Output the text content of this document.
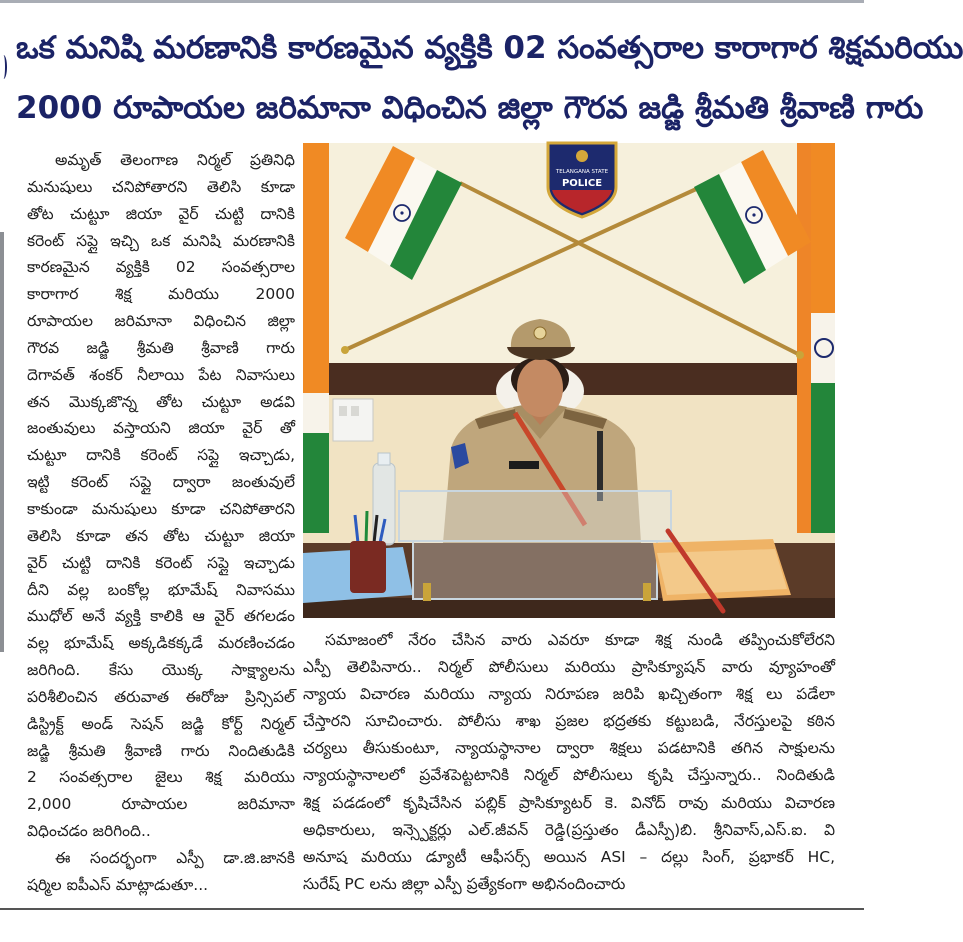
ఒక మనిషి మరణానికి కారణమైన వ్యక్తికి 02 సంవత్సరాల కారాగార శిక్షమరియు
2000 రూపాయల జరిమానా విధించిన జిల్లా గౌరవ జడ్జి శ్రీమతి శ్రీవాణి గారు
అమృత్ తెలంగాణ నిర్మల్ ప్రతినిధి
మనుషులు చనిపోతారని తెలిసి కూడా
తోట చుట్టూ జియా వైర్ చుట్టి దానికి
కరెంట్ సప్లై ఇచ్చి ఒక మనిషి మరణానికి
కారణమైన వ్యక్తికి 02 సంవత్సరాల
కారాగార శిక్ష మరియు 2000
రూపాయల జరిమానా విధించిన జిల్లా
గౌరవ జడ్జి శ్రీమతి శ్రీవాణి గారు
దెగావత్ శంకర్ నీలాయి పేట నివాసులు
తన మొక్కజొన్న తోట చుట్టూ అడవి
జంతువులు వస్తాయని జియా వైర్ తో
చుట్టూ దానికి కరెంట్ సప్లై ఇచ్చాడు,
ఇట్టి కరెంట్ సప్లై ద్వారా జంతువులే
కాకుండా మనుషులు కూడా చనిపోతారని
తెలిసి కూడా తన తోట చుట్టూ జియా
వైర్ చుట్టి దానికి కరెంట్ సప్లై ఇచ్చాడు
దీని వల్ల బంకోల్ల భూమేష్ నివాసము
ముధోల్ అనే వ్యక్తి కాలికి ఆ వైర్ తగలడం
వల్ల భూమేష్ అక్కడికక్కడే మరణించడం
జరిగింది. కేసు యొక్క సాక్ష్యాలను
పరిశీలించిన తరువాత ఈరోజు ప్రిన్సిపల్
డిస్ట్రిక్ట్ అండ్ సెషన్ జడ్జి కోర్ట్ నిర్మల్
జడ్జి శ్రీమతి శ్రీవాణి గారు నిందితుడికి
2 సంవత్సరాల జైలు శిక్ష మరియు
2,000 రూపాయల జరిమానా
విధించడం జరిగింది..
ఈ సందర్భంగా ఎస్పీ డా.జి.జానకి
షర్మిల ఐపీఎస్ మాట్లాడుతూ...
TELANGANA STATE
POLICE
సమాజంలో నేరం చేసిన వారు ఎవరూ కూడా శిక్ష నుండి తప్పించుకోలేరని
ఎస్పీ తెలిపినారు.. నిర్మల్ పోలీసులు మరియు ప్రాసిక్యూషన్ వారు వ్యూహంతో
న్యాయ విచారణ మరియు న్యాయ నిరూపణ జరిపి ఖచ్చితంగా శిక్ష లు పడేలా
చేస్తారని సూచించారు. పోలీసు శాఖ ప్రజల భద్రతకు కట్టుబడి, నేరస్తులపై కఠిన
చర్యలు తీసుకుంటూ, న్యాయస్థానాల ద్వారా శిక్షలు పడటానికి తగిన సాక్షులను
న్యాయస్థానాలలో ప్రవేశపెట్టటానికి నిర్మల్ పోలీసులు కృషి చేస్తున్నారు.. నిందితుడి
శిక్ష పడడంలో కృషిచేసిన పబ్లిక్ ప్రాసిక్యూటర్ కె. వినోద్ రావు మరియు విచారణ
అధికారులు, ఇన్స్పెక్టర్లు ఎల్.జీవన్ రెడ్డి(ప్రస్తుతం డీఎస్పీ)బి. శ్రీనివాస్,ఎస్.ఐ. వి
అనూష మరియు డ్యూటీ ఆఫీసర్స్ అయిన ASI – దల్లు సింగ్, ప్రభాకర్ HC,
సురేష్ PC లను జిల్లా ఎస్పీ ప్రత్యేకంగా అభినందించారు
